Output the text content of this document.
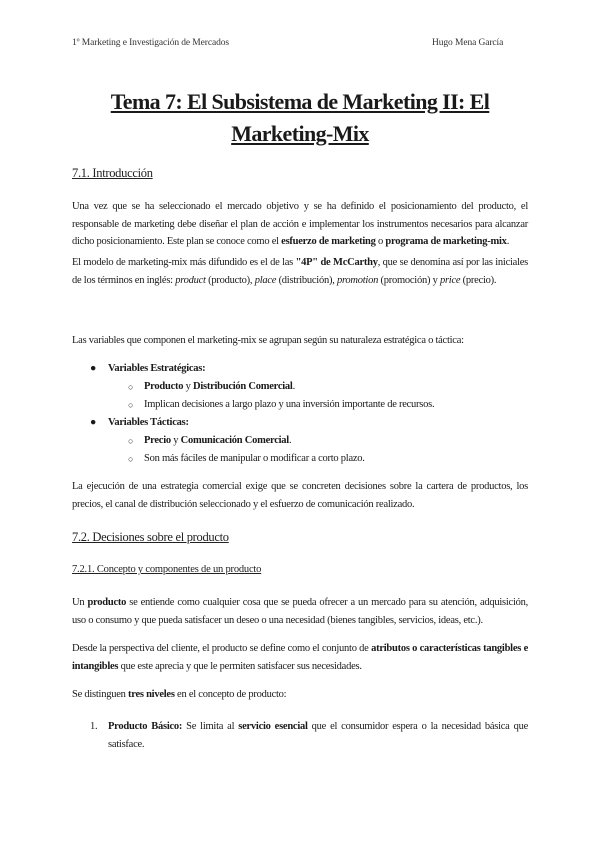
1º Marketing e Investigación de Mercados	Hugo Mena García
Tema 7: El Subsistema de Marketing II: El
Marketing-Mix
7.1. Introducción
Una vez que se ha seleccionado el mercado objetivo y se ha definido el posicionamiento del producto, el responsable de marketing debe diseñar el plan de acción e implementar los instrumentos necesarios para alcanzar dicho posicionamiento. Este plan se conoce como el esfuerzo de marketing o programa de marketing-mix.
El modelo de marketing-mix más difundido es el de las "4P" de McCarthy, que se denomina así por las iniciales de los términos en inglés: product (producto), place (distribución), promotion (promoción) y price (precio).
Las variables que componen el marketing-mix se agrupan según su naturaleza estratégica o táctica:
● Variables Estratégicas:
○ Producto y Distribución Comercial.
○ Implican decisiones a largo plazo y una inversión importante de recursos.
● Variables Tácticas:
○ Precio y Comunicación Comercial.
○ Son más fáciles de manipular o modificar a corto plazo.
La ejecución de una estrategia comercial exige que se concreten decisiones sobre la cartera de productos, los precios, el canal de distribución seleccionado y el esfuerzo de comunicación realizado.
7.2. Decisiones sobre el producto
7.2.1. Concepto y componentes de un producto
Un producto se entiende como cualquier cosa que se pueda ofrecer a un mercado para su atención, adquisición, uso o consumo y que pueda satisfacer un deseo o una necesidad (bienes tangibles, servicios, ideas, etc.).
Desde la perspectiva del cliente, el producto se define como el conjunto de atributos o características tangibles e intangibles que este aprecia y que le permiten satisfacer sus necesidades.
Se distinguen tres niveles en el concepto de producto:
1. Producto Básico: Se limita al servicio esencial que el consumidor espera o la necesidad básica que satisface.
